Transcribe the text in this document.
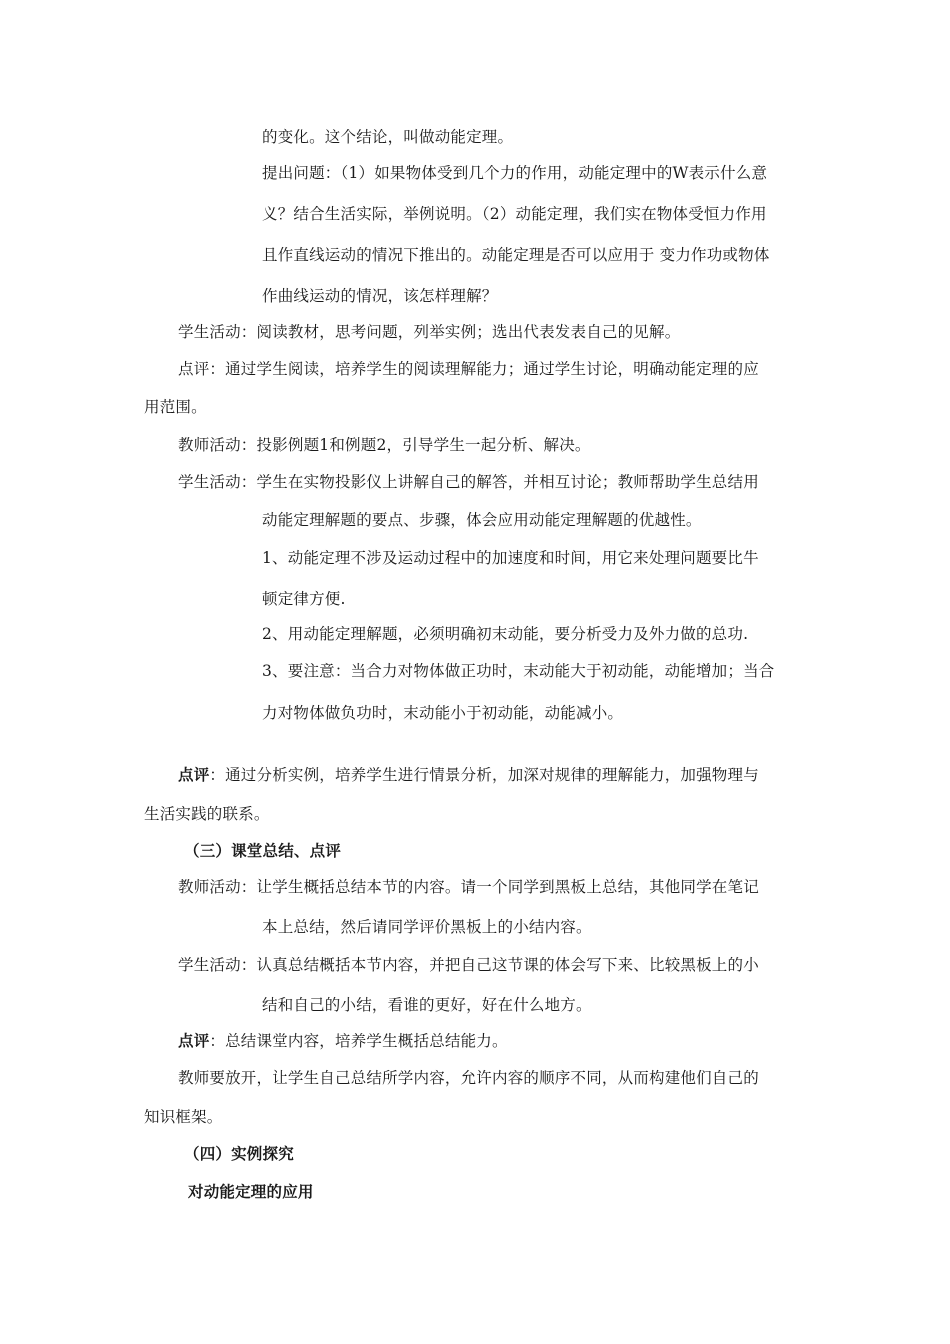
的变化。这个结论，叫做动能定理。
提出问题：（1）如果物体受到几个力的作用，动能定理中的W表示什么意
义？结合生活实际，举例说明。（2）动能定理，我们实在物体受恒力作用
且作直线运动的情况下推出的。动能定理是否可以应用于 变力作功或物体
作曲线运动的情况，该怎样理解？
学生活动：阅读教材，思考问题，列举实例；选出代表发表自己的见解。
点评：通过学生阅读，培养学生的阅读理解能力；通过学生讨论，明确动能定理的应
用范围。
教师活动：投影例题1和例题2，引导学生一起分析、解决。
学生活动：学生在实物投影仪上讲解自己的解答，并相互讨论；教师帮助学生总结用
动能定理解题的要点、步骤，体会应用动能定理解题的优越性。
1、动能定理不涉及运动过程中的加速度和时间，用它来处理问题要比牛
顿定律方便.
2、用动能定理解题，必须明确初末动能，要分析受力及外力做的总功.
3、要注意：当合力对物体做正功时，末动能大于初动能，动能增加；当合
力对物体做负功时，末动能小于初动能，动能减小。
点评：通过分析实例，培养学生进行情景分析，加深对规律的理解能力，加强物理与
生活实践的联系。
（三）课堂总结、点评
教师活动：让学生概括总结本节的内容。请一个同学到黑板上总结，其他同学在笔记
本上总结，然后请同学评价黑板上的小结内容。
学生活动：认真总结概括本节内容，并把自己这节课的体会写下来、比较黑板上的小
结和自己的小结，看谁的更好，好在什么地方。
点评：总结课堂内容，培养学生概括总结能力。
教师要放开，让学生自己总结所学内容，允许内容的顺序不同，从而构建他们自己的
知识框架。
（四）实例探究
对动能定理的应用
